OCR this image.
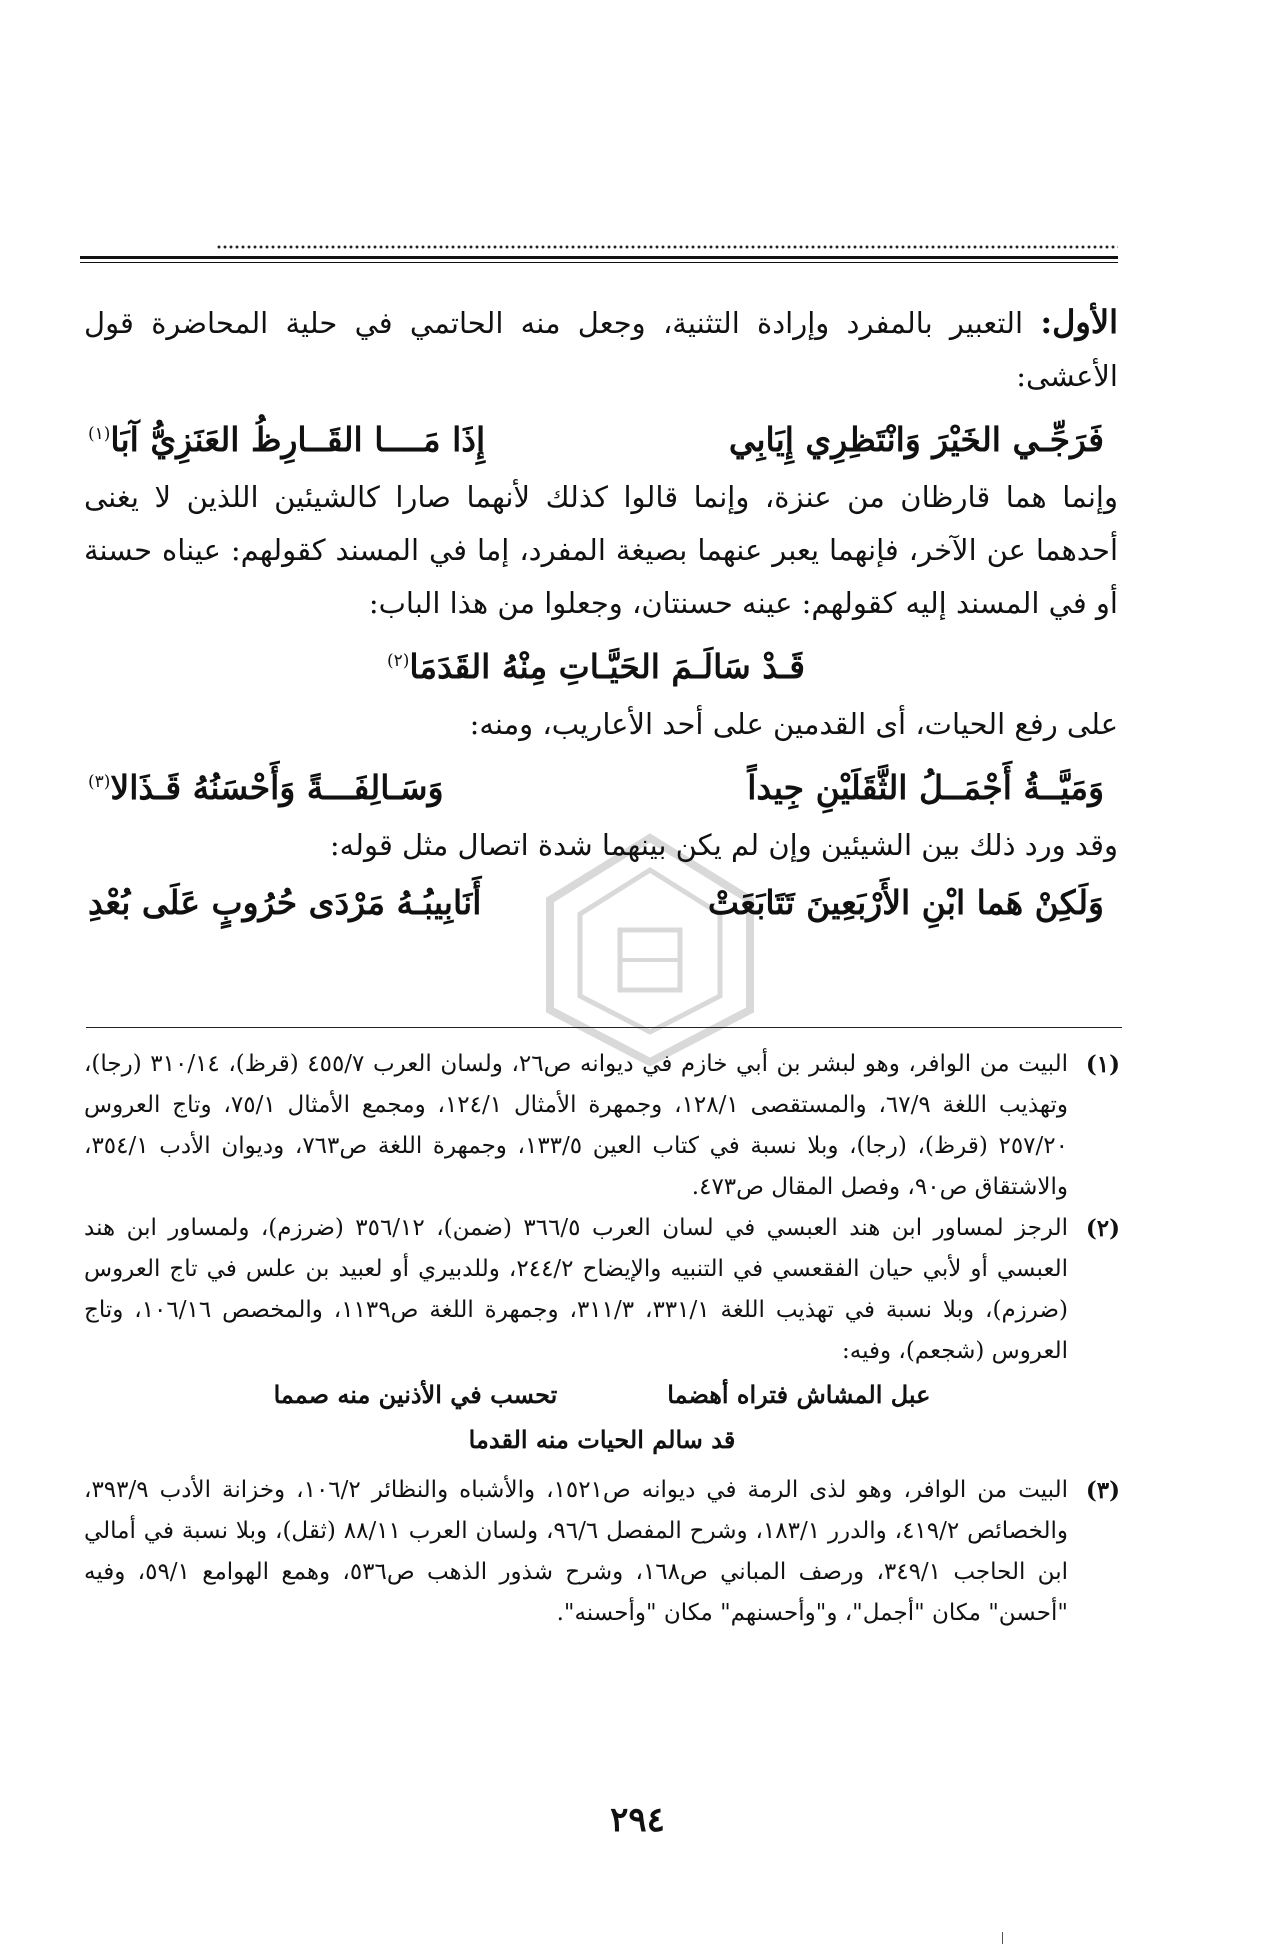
الأول: التعبير بالمفرد وإرادة التثنية، وجعل منه الحاتمي في حلية المحاضرة قول الأعشى:

فَرَجِّـي الخَيْرَ وَانْتَظِرِي إِيَابِي
إِذَا مَــــا القَــارِظُ العَنَزِيُّ آبَا$^{(١)}$

وإنما هما قارظان من عنزة، وإنما قالوا كذلك لأنهما صارا كالشيئين اللذين لا يغنى أحدهما عن الآخر، فإنهما يعبر عنهما بصيغة المفرد، إما في المسند كقولهم: عيناه حسنة أو في المسند إليه كقولهم: عينه حسنتان، وجعلوا من هذا الباب:

قَـدْ سَالَـمَ الحَيَّـاتِ مِنْهُ القَدَمَا$^{(٢)}$

على رفع الحيات، أى القدمين على أحد الأعاريب، ومنه:

وَمَيَّــةُ أَجْمَــلُ الثَّقَلَيْنِ جِيداً
وَسَـالِفَـــةً وَأَحْسَنُهُ قَـذَالا$^{(٣)}$

وقد ورد ذلك بين الشيئين وإن لم يكن بينهما شدة اتصال مثل قوله:

وَلَكِنْ هَما ابْنِ الأَرْبَعِينَ تَتَابَعَتْ
أَنَابِيبُـهُ مَرْدَى حُرُوبٍ عَلَى بُعْدِ
(١)
البيت من الوافر، وهو لبشر بن أبي خازم في ديوانه ص٢٦، ولسان العرب ٤٥٥/٧ (قرظ)، ٣١٠/١٤ (رجا)، وتهذيب اللغة ٦٧/٩، والمستقصى ١٢٨/١، وجمهرة الأمثال ١٢٤/١، ومجمع الأمثال ٧٥/١، وتاج العروس ٢٥٧/٢٠ (قرظ)، (رجا)، وبلا نسبة في كتاب العين ١٣٣/٥، وجمهرة اللغة ص٧٦٣، وديوان الأدب ٣٥٤/١، والاشتقاق ص٩٠، وفصل المقال ص٤٧٣.
(٢)
الرجز لمساور ابن هند العبسي في لسان العرب ٣٦٦/٥ (ضمن)، ٣٥٦/١٢ (ضرزم)، ولمساور ابن هند العبسي أو لأبي حيان الفقعسي في التنبيه والإيضاح ٢٤٤/٢، وللدبيري أو لعبيد بن علس في تاج العروس (ضرزم)، وبلا نسبة في تهذيب اللغة ٣٣١/١، ٣١١/٣، وجمهرة اللغة ص١١٣٩، والمخصص ١٠٦/١٦، وتاج العروس (شجعم)، وفيه:
عبل المشاش فتراه أهضما
تحسب في الأذنين منه صمما
قد سالم الحيات منه القدما
(٣)
البيت من الوافر، وهو لذى الرمة في ديوانه ص١٥٢١، والأشباه والنظائر ١٠٦/٢، وخزانة الأدب ٣٩٣/٩، والخصائص ٤١٩/٢، والدرر ١٨٣/١، وشرح المفصل ٩٦/٦، ولسان العرب ٨٨/١١ (ثقل)، وبلا نسبة في أمالي ابن الحاجب ٣٤٩/١، ورصف المباني ص١٦٨، وشرح شذور الذهب ص٥٣٦، وهمع الهوامع ٥٩/١، وفيه "أحسن" مكان "أجمل"، و"وأحسنهم" مكان "وأحسنه".
٢٩٤
